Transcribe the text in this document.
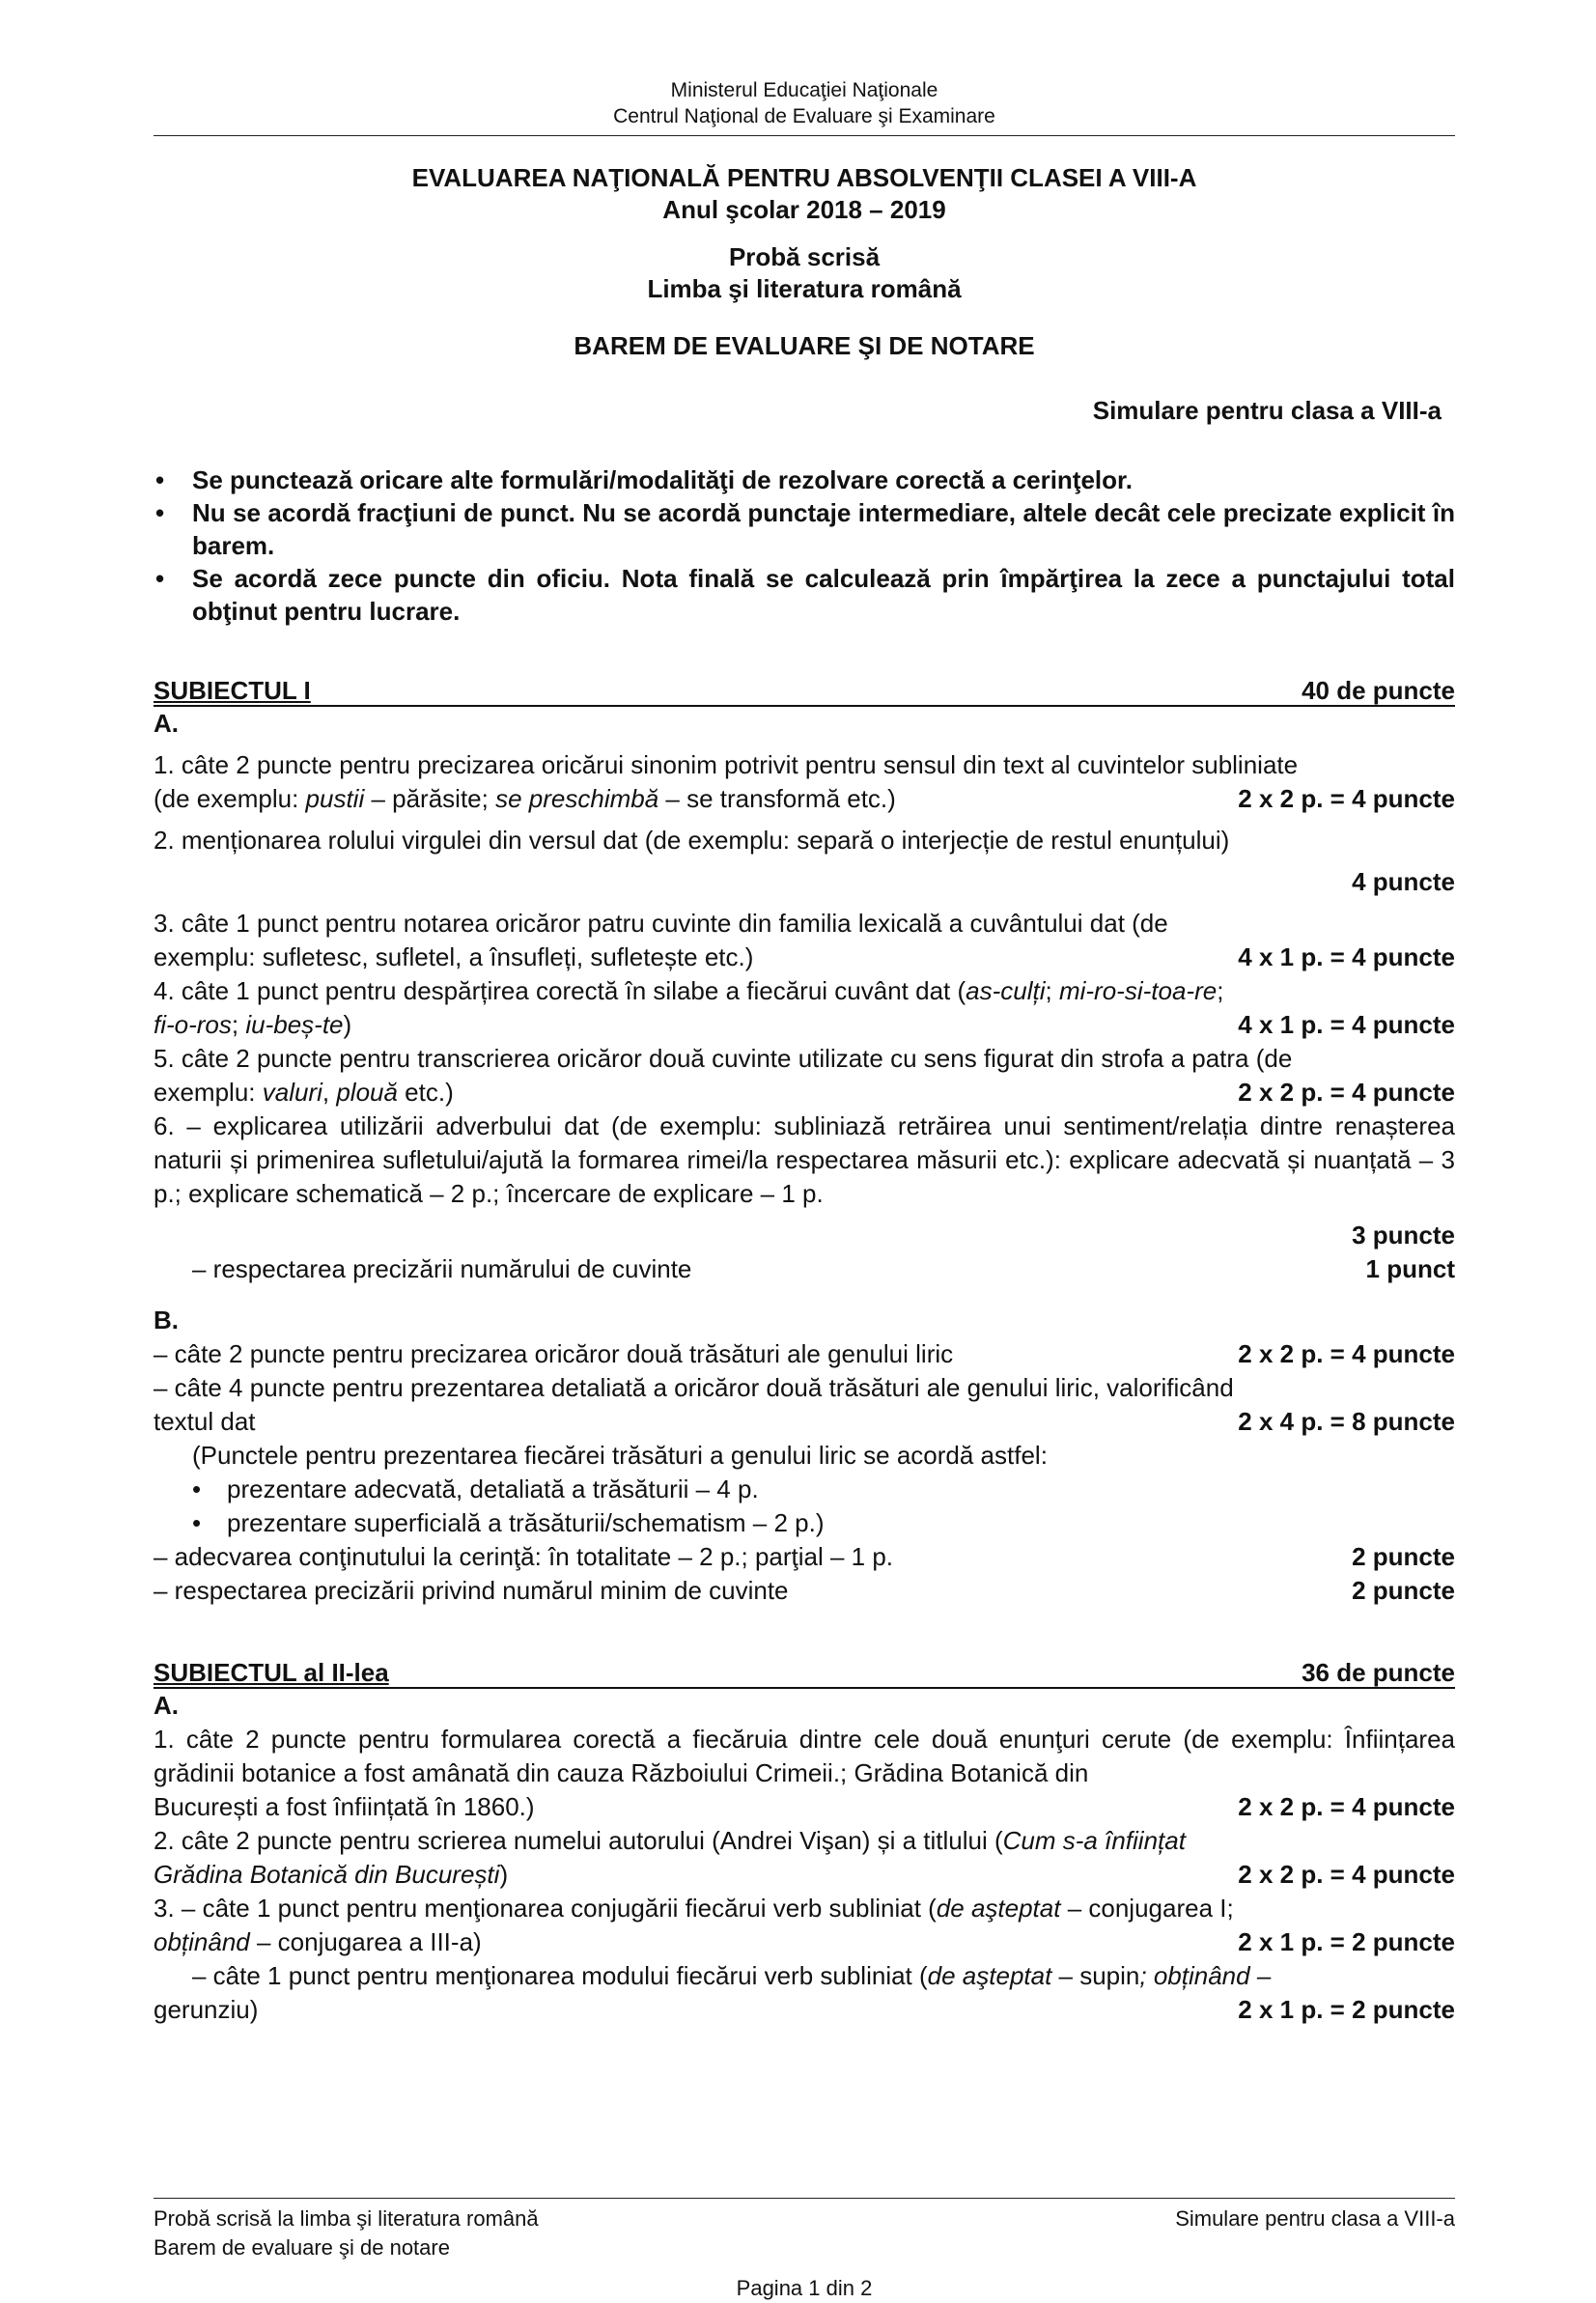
Ministerul Educaţiei Naţionale
Centrul Naţional de Evaluare şi Examinare
EVALUAREA NAŢIONALĂ PENTRU ABSOLVENŢII CLASEI A VIII-A
Anul şcolar 2018 – 2019
Probă scrisă
Limba şi literatura română
BAREM DE EVALUARE ŞI DE NOTARE
Simulare pentru clasa a VIII-a
• Se punctează oricare alte formulări/modalităţi de rezolvare corectă a cerinţelor.
• Nu se acordă fracţiuni de punct. Nu se acordă punctaje intermediare, altele decât cele precizate explicit în barem.
• Se acordă zece puncte din oficiu. Nota finală se calculează prin împărţirea la zece a punctajului total obţinut pentru lucrare.
SUBIECTUL I	40 de puncte
A.
1. câte 2 puncte pentru precizarea oricărui sinonim potrivit pentru sensul din text al cuvintelor subliniate
(de exemplu: pustii – părăsite; se preschimbă – se transformă etc.)	2 x 2 p. = 4 puncte
2. menționarea rolului virgulei din versul dat (de exemplu: separă o interjecție de restul enunțului)
4 puncte
3. câte 1 punct pentru notarea oricăror patru cuvinte din familia lexicală a cuvântului dat (de
exemplu: sufletesc, sufletel, a însufleți, sufletește etc.)	4 x 1 p. = 4 puncte
4. câte 1 punct pentru despărțirea corectă în silabe a fiecărui cuvânt dat (as-culți; mi-ro-si-toa-re;
fi-o-ros; iu-beș-te)	4 x 1 p. = 4 puncte
5. câte 2 puncte pentru transcrierea oricăror două cuvinte utilizate cu sens figurat din strofa a patra (de
exemplu: valuri, plouă etc.)	2 x 2 p. = 4 puncte
6. – explicarea utilizării adverbului dat (de exemplu: subliniază retrăirea unui sentiment/relația dintre renașterea naturii și primenirea sufletului/ajută la formarea rimei/la respectarea măsurii etc.): explicare adecvată și nuanțată – 3 p.; explicare schematică – 2 p.; încercare de explicare – 1 p.
3 puncte
– respectarea precizării numărului de cuvinte	1 punct
B.
– câte 2 puncte pentru precizarea oricăror două trăsături ale genului liric	2 x 2 p. = 4 puncte
– câte 4 puncte pentru prezentarea detaliată a oricăror două trăsături ale genului liric, valorificând
textul dat	2 x 4 p. = 8 puncte
(Punctele pentru prezentarea fiecărei trăsături a genului liric se acordă astfel:
• prezentare adecvată, detaliată a trăsăturii – 4 p.
• prezentare superficială a trăsăturii/schematism – 2 p.)
– adecvarea conţinutului la cerinţă: în totalitate – 2 p.; parţial – 1 p.	2 puncte
– respectarea precizării privind numărul minim de cuvinte	2 puncte
SUBIECTUL al II-lea	36 de puncte
A.
1. câte 2 puncte pentru formularea corectă a fiecăruia dintre cele două enunţuri cerute (de exemplu: Înființarea grădinii botanice a fost amânată din cauza Războiului Crimeii.; Grădina Botanică din
București a fost înființată în 1860.)	2 x 2 p. = 4 puncte
2. câte 2 puncte pentru scrierea numelui autorului (Andrei Vişan) și a titlului (Cum s-a înființat
Grădina Botanică din București)	2 x 2 p. = 4 puncte
3. – câte 1 punct pentru menţionarea conjugării fiecărui verb subliniat (de aşteptat – conjugarea I;
obținând – conjugarea a III-a)	2 x 1 p. = 2 puncte
– câte 1 punct pentru menţionarea modului fiecărui verb subliniat (de aşteptat – supin; obținând –
gerunziu)	2 x 1 p. = 2 puncte
Probă scrisă la limba şi literatura română	Simulare pentru clasa a VIII-a
Barem de evaluare şi de notare
Pagina 1 din 2
